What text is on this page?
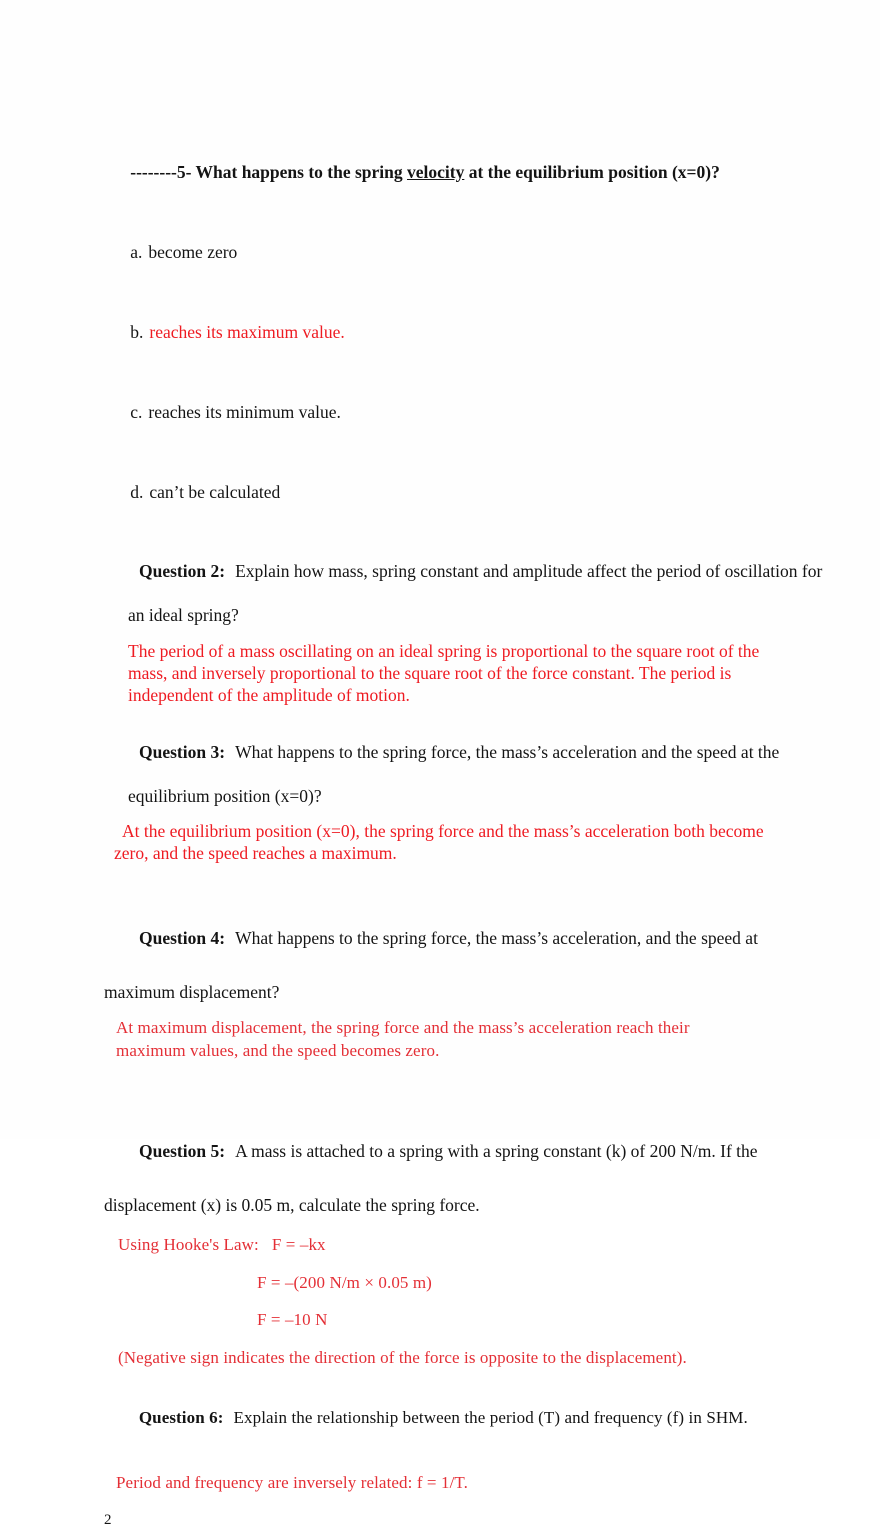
--------5- What happens to the spring velocity at the equilibrium position (x=0)?

a. become zero

b. reaches its maximum value.

c. reaches its minimum value.

d. can’t be calculated

Question 2: Explain how mass, spring constant and amplitude affect the period of oscillation for

an ideal spring?
The period of a mass oscillating on an ideal spring is proportional to the square root of the
mass, and inversely proportional to the square root of the force constant. The period is
independent of the amplitude of motion.

Question 3: What happens to the spring force, the mass’s acceleration and the speed at the

equilibrium position (x=0)?
At the equilibrium position (x=0), the spring force and the mass’s acceleration both become
zero, and the speed reaches a maximum.

Question 4: What happens to the spring force, the mass’s acceleration, and the speed at

maximum displacement?
At maximum displacement, the spring force and the mass’s acceleration reach their
maximum values, and the speed becomes zero.

Question 5: A mass is attached to a spring with a spring constant (k) of 200 N/m. If the

displacement (x) is 0.05 m, calculate the spring force.
Using Hooke's Law:   F = –kx
F = –(200 N/m × 0.05 m)
F = –10 N
(Negative sign indicates the direction of the force is opposite to the displacement).

Question 6: Explain the relationship between the period (T) and frequency (f) in SHM.

Period and frequency are inversely related: f = 1/T.
2
